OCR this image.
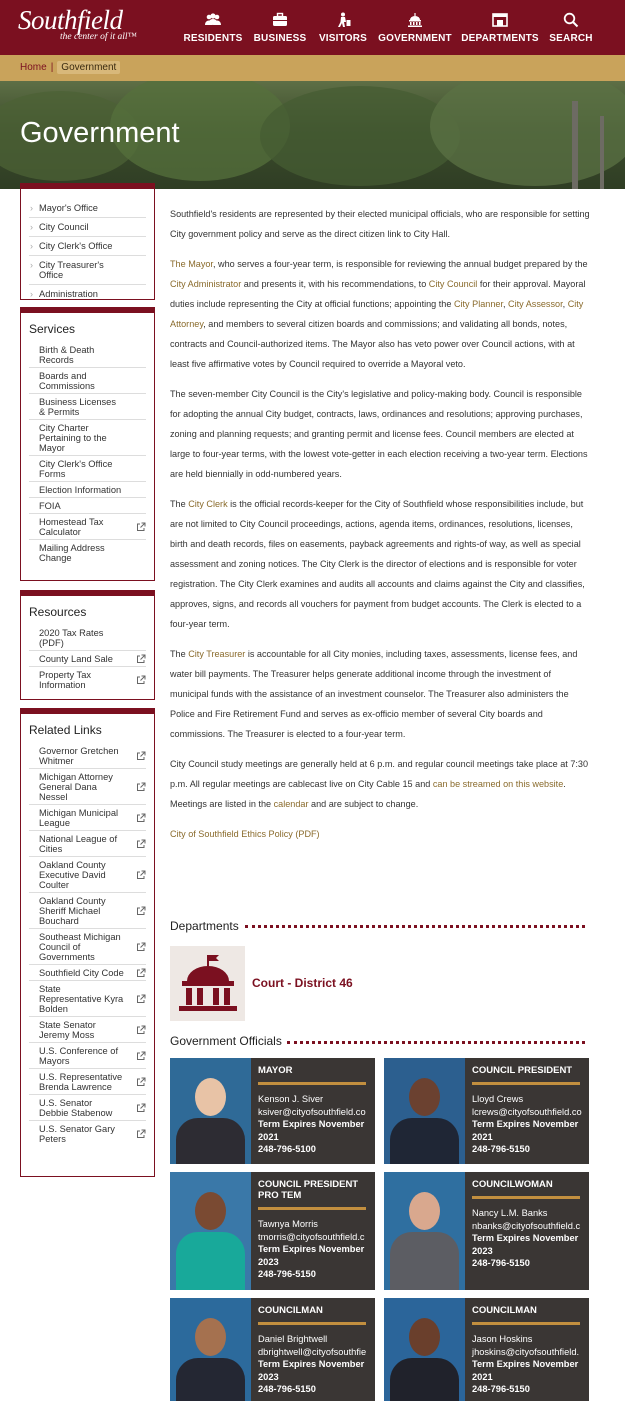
Southfield
the center of it all™	RESIDENTS BUSINESS VISITORS GOVERNMENT DEPARTMENTS SEARCH
Home | Government
Government
› Mayor's Office
› City Council
› City Clerk's Office
› City Treasurer's Office
› Administration
Services
Birth & Death Records
Boards and Commissions
Business Licenses & Permits
City Charter Pertaining to the Mayor
City Clerk's Office Forms
Election Information
FOIA
Homestead Tax Calculator
Mailing Address Change
Resources
2020 Tax Rates (PDF)
County Land Sale
Property Tax Information
Related Links
Governor Gretchen Whitmer
Michigan Attorney General Dana Nessel
Michigan Municipal League
National League of Cities
Oakland County Executive David Coulter
Oakland County Sheriff Michael Bouchard
Southeast Michigan Council of Governments
Southfield City Code
State Representative Kyra Bolden
State Senator Jeremy Moss
U.S. Conference of Mayors
U.S. Representative Brenda Lawrence
U.S. Senator Debbie Stabenow
U.S. Senator Gary Peters

Southfield's residents are represented by their elected municipal officials, who are responsible for setting City government policy and serve as the direct citizen link to City Hall.

The Mayor, who serves a four-year term, is responsible for reviewing the annual budget prepared by the City Administrator and presents it, with his recommendations, to City Council for their approval. Mayoral duties include representing the City at official functions; appointing the City Planner, City Assessor, City Attorney, and members to several citizen boards and commissions; and validating all bonds, notes, contracts and Council-authorized items. The Mayor also has veto power over Council actions, with at least five affirmative votes by Council required to override a Mayoral veto.

The seven-member City Council is the City's legislative and policy-making body. Council is responsible for adopting the annual City budget, contracts, laws, ordinances and resolutions; approving purchases, zoning and planning requests; and granting permit and license fees. Council members are elected at large to four-year terms, with the lowest vote-getter in each election receiving a two-year term. Elections are held biennially in odd-numbered years.

The City Clerk is the official records-keeper for the City of Southfield whose responsibilities include, but are not limited to City Council proceedings, actions, agenda items, ordinances, resolutions, licenses, birth and death records, files on easements, payback agreements and rights-of way, as well as special assessment and zoning notices. The City Clerk is the director of elections and is responsible for voter registration. The City Clerk examines and audits all accounts and claims against the City and classifies, approves, signs, and records all vouchers for payment from budget accounts. The Clerk is elected to a four-year term.

The City Treasurer is accountable for all City monies, including taxes, assessments, license fees, and water bill payments. The Treasurer helps generate additional income through the investment of municipal funds with the assistance of an investment counselor. The Treasurer also administers the Police and Fire Retirement Fund and serves as ex-officio member of several City boards and commissions. The Treasurer is elected to a four-year term.

City Council study meetings are generally held at 6 p.m. and regular council meetings take place at 7:30 p.m. All regular meetings are cablecast live on City Cable 15 and can be streamed on this website. Meetings are listed in the calendar and are subject to change.

City of Southfield Ethics Policy (PDF)

Departments
Court - District 46
Government Officials
MAYOR
Kenson J. Siver
ksiver@cityofsouthfield.co
Term Expires November 2021
248-796-5100
COUNCIL PRESIDENT
Lloyd Crews
lcrews@cityofsouthfield.co
Term Expires November 2021
248-796-5150
COUNCIL PRESIDENT PRO TEM
Tawnya Morris
tmorris@cityofsouthfield.c
Term Expires November 2023
248-796-5150
COUNCILWOMAN
Nancy L.M. Banks
nbanks@cityofsouthfield.c
Term Expires November 2023
248-796-5150
COUNCILMAN
Daniel Brightwell
dbrightwell@cityofsouthfie
Term Expires November 2023
248-796-5150
COUNCILMAN
Jason Hoskins
jhoskins@cityofsouthfield.
Term Expires November 2021
248-796-5150
